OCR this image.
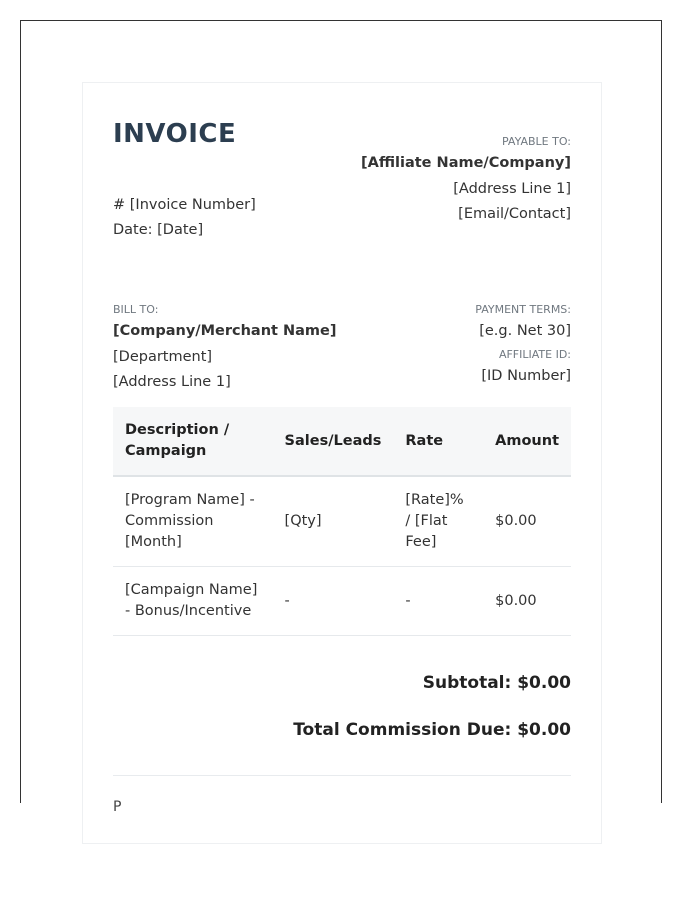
INVOICE
# [Invoice Number]
Date: [Date]
PAYABLE TO:
[Affiliate Name/Company]
[Address Line 1]
[Email/Contact]
BILL TO:
[Company/Merchant Name]
[Department]
[Address Line 1]
PAYMENT TERMS:
[e.g. Net 30]
AFFILIATE ID:
[ID Number]
Description / Campaign	Sales/Leads	Rate	Amount
[Program Name] - Commission [Month]	[Qty]	[Rate]% / [Flat Fee]	$0.00
[Campaign Name] - Bonus/Incentive	-	-	$0.00
Subtotal: $0.00
Total Commission Due: $0.00
P
